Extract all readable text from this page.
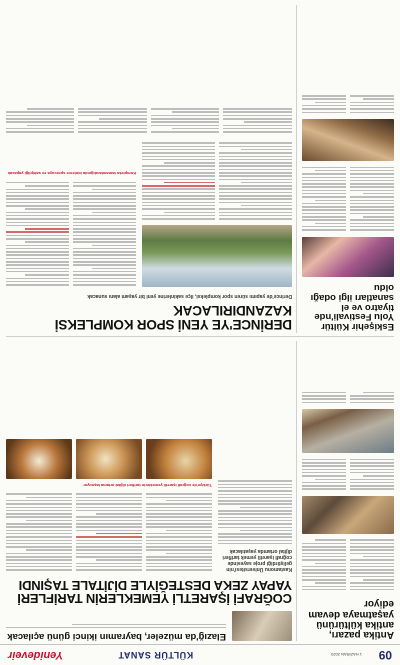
09
1 HAZİRAN 2023
KÜLTÜR SANAT
Yenideveir
Antika pazarı, antika kültürünü yaşatmaya devam ediyor
COĞRAFİ İŞARETLİ YEMEKLERİN TARİFLERİ YAPAY ZEKA DESTEĞİYLE DİJİTALE TAŞINDI

Kastamonu Üniversitesi'nin geliştirdiği proje sayesinde coğrafi işaretli yemek tarifleri dijital ortamda yaşatılacak

Türkiye'de coğrafi işaretli yemeklerin tarifleri dijital ortama taşınıyor

Elazığ'da müzeler, bayramın ikinci günü açılacak
Eskişehir Kültür Yolu Festivali'nde tiyatro ve el sanatları ilgi odağı oldu
DERİNCE'YE YENİ SPOR KOMPLEKSİ KAZANDIRILACAK

Derince'de yapımı süren spor kompleksi, ilçe sakinlerine yeni bir yaşam alanı sunacak

Kompleks tamamlandığında binlerce sporcuya ev sahipliği yapacak
